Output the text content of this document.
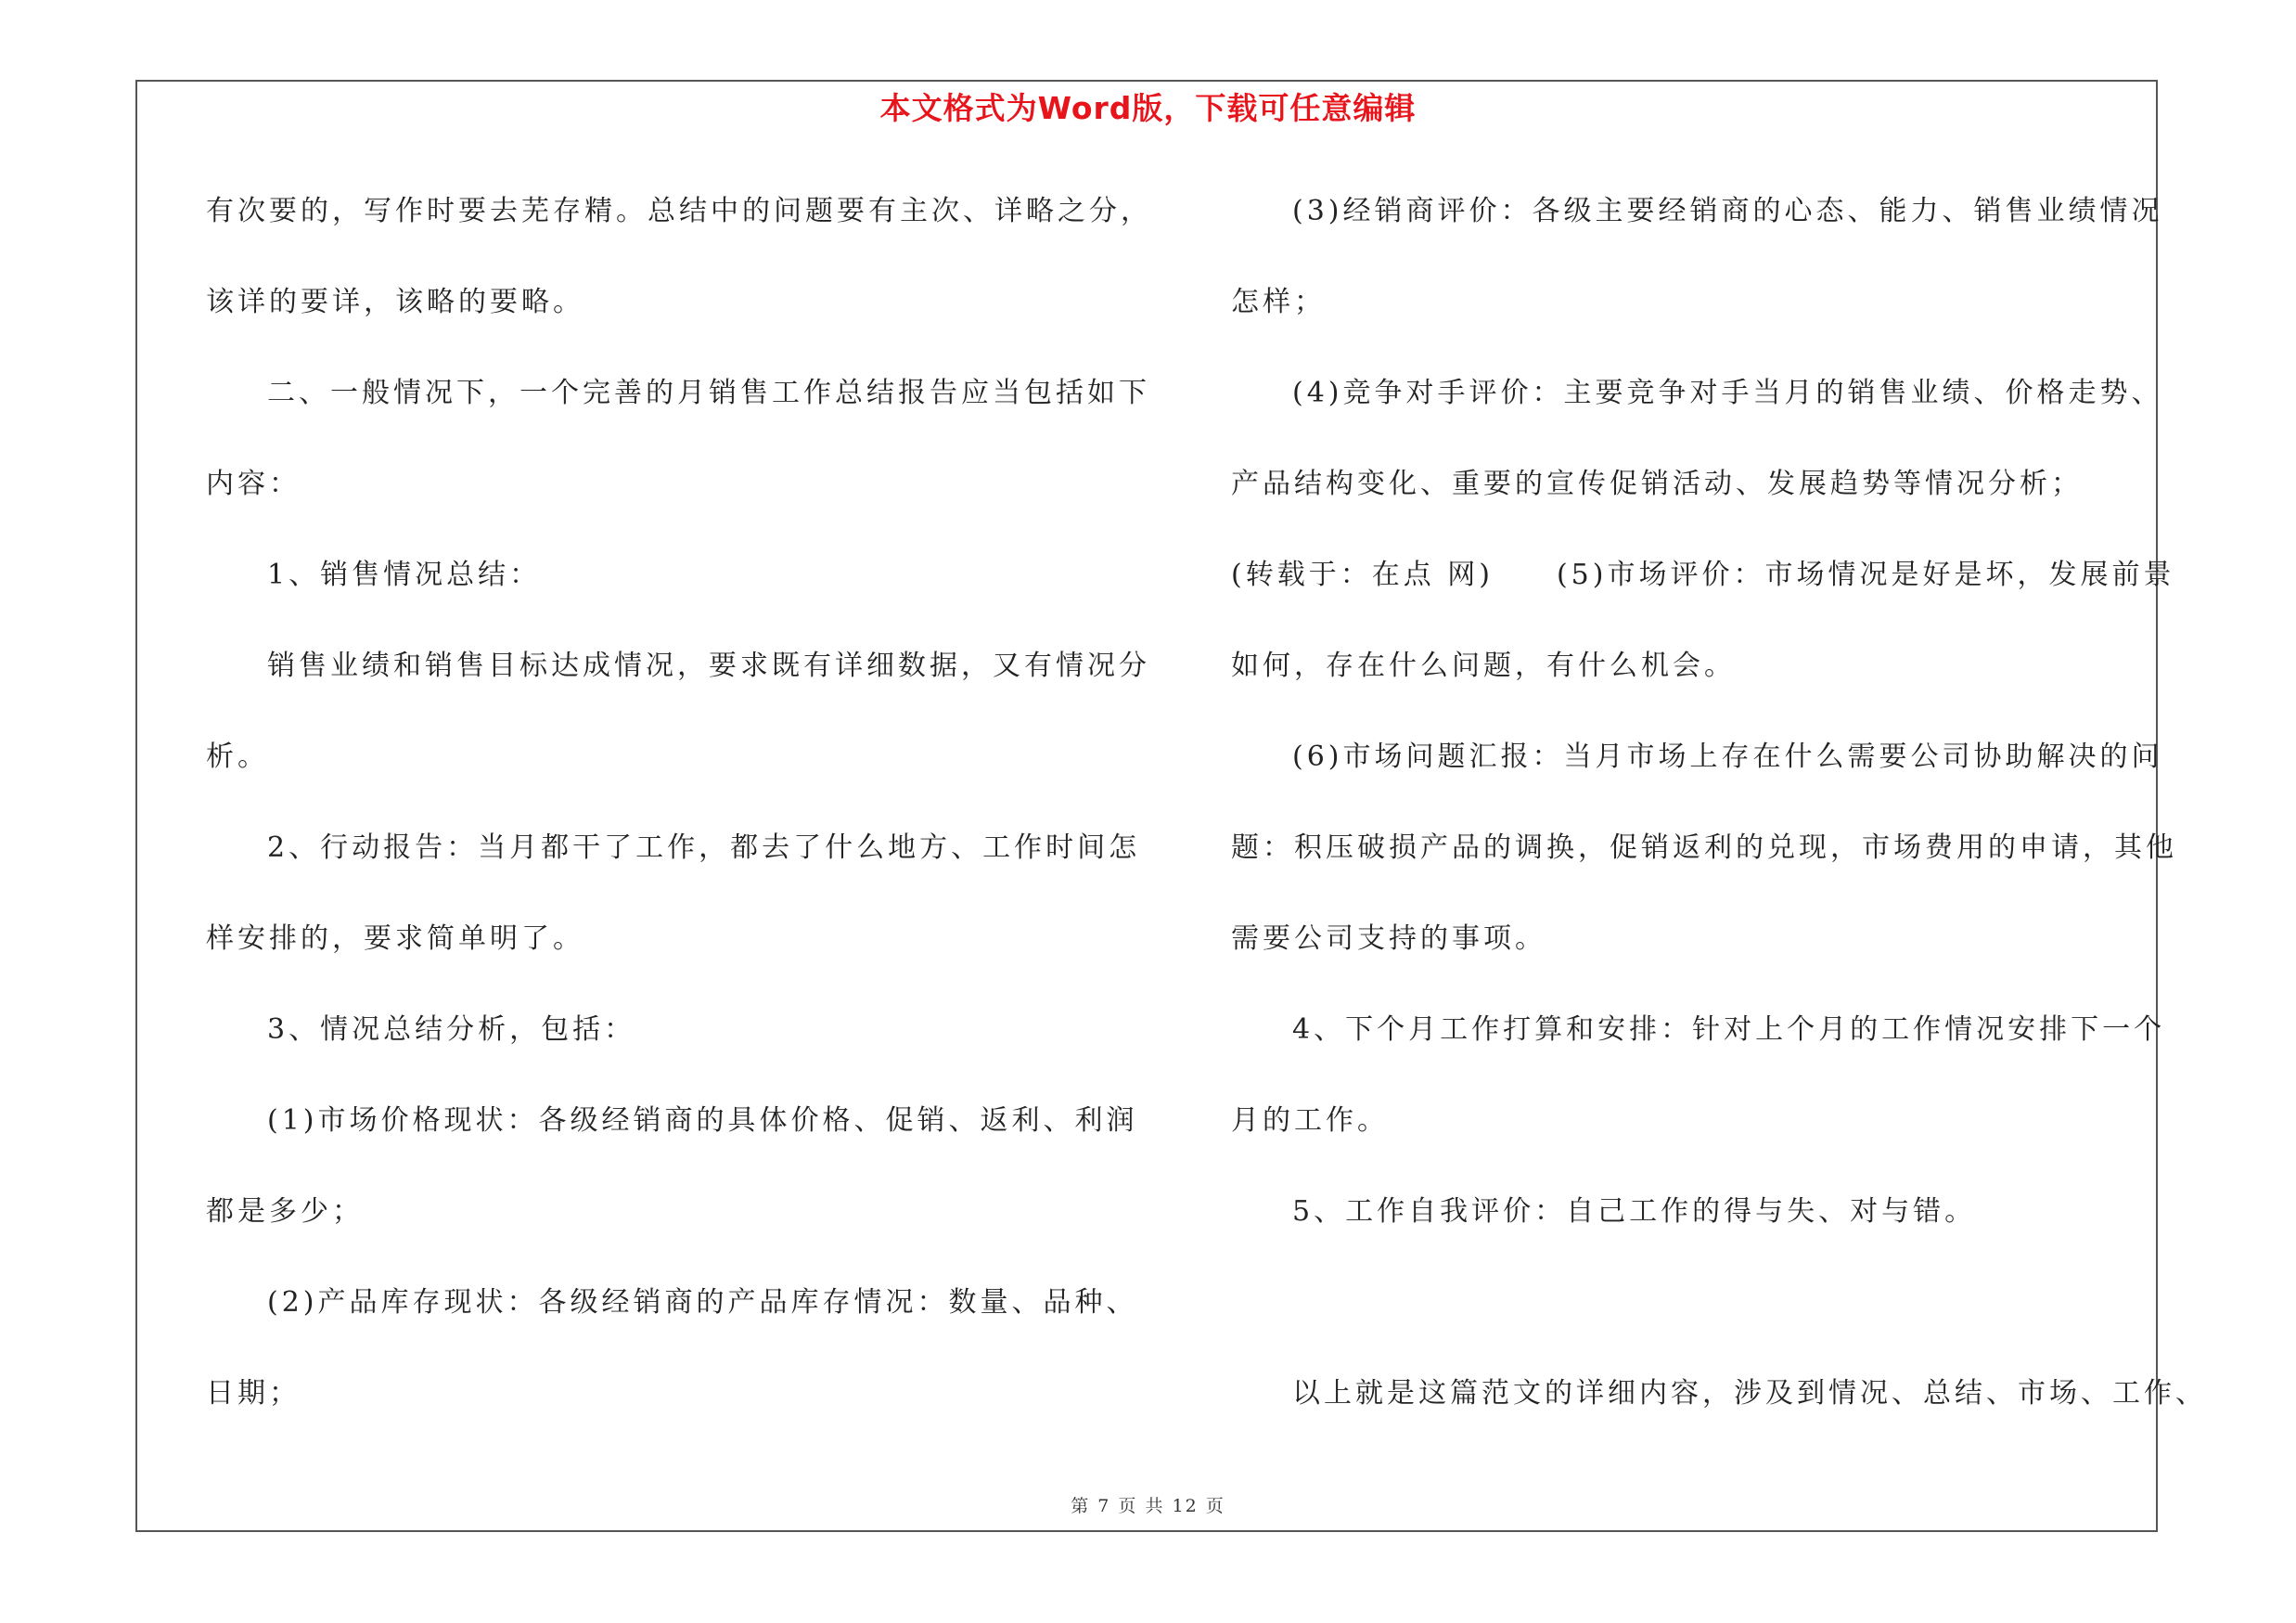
本文格式为Word版，下载可任意编辑
有次要的，写作时要去芜存精。总结中的问题要有主次、详略之分，
该详的要详，该略的要略。
二、一般情况下，一个完善的月销售工作总结报告应当包括如下
内容：
1、销售情况总结：
销售业绩和销售目标达成情况，要求既有详细数据，又有情况分
析。
2、行动报告：当月都干了工作，都去了什么地方、工作时间怎
样安排的，要求简单明了。
3、情况总结分析，包括：
(1)市场价格现状：各级经销商的具体价格、促销、返利、利润
都是多少；
(2)产品库存现状：各级经销商的产品库存情况：数量、品种、
日期；
(3)经销商评价：各级主要经销商的心态、能力、销售业绩情况
怎样；
(4)竞争对手评价：主要竞争对手当月的销售业绩、价格走势、
产品结构变化、重要的宣传促销活动、发展趋势等情况分析；
(转载于：在点 网)　　(5)市场评价：市场情况是好是坏，发展前景
如何，存在什么问题，有什么机会。
(6)市场问题汇报：当月市场上存在什么需要公司协助解决的问
题：积压破损产品的调换，促销返利的兑现，市场费用的申请，其他
需要公司支持的事项。
4、下个月工作打算和安排：针对上个月的工作情况安排下一个
月的工作。
5、工作自我评价：自己工作的得与失、对与错。
以上就是这篇范文的详细内容，涉及到情况、总结、市场、工作、
第 7 页 共 12 页
